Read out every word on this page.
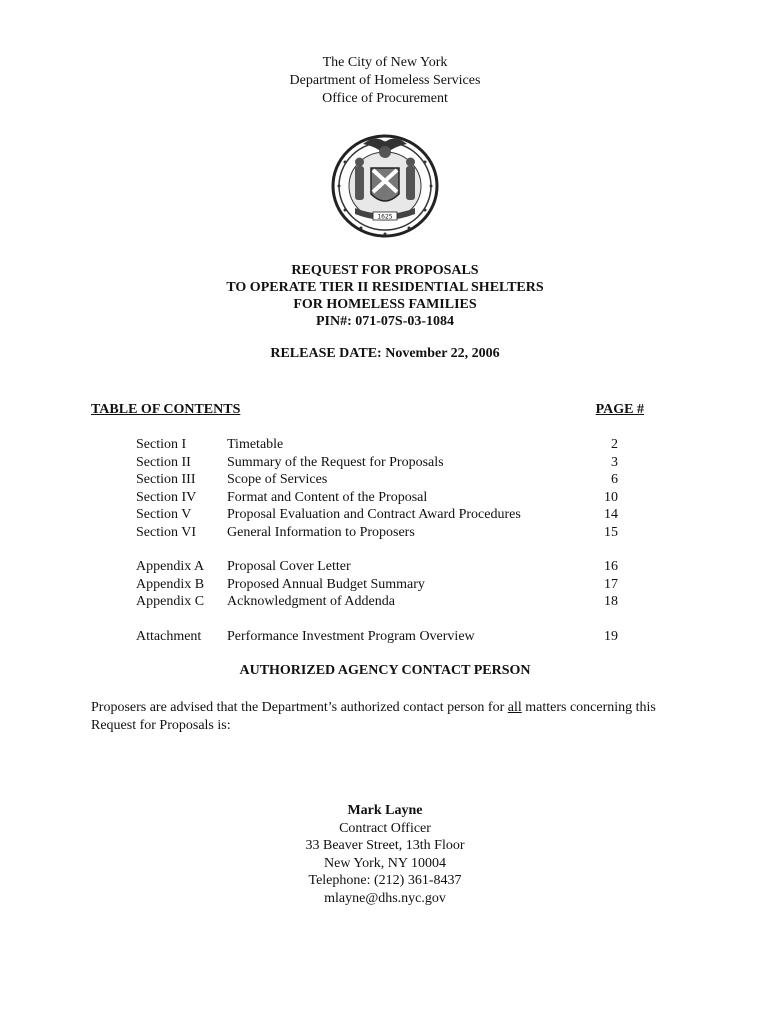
The City of New York
Department of Homeless Services
Office of Procurement
1625
REQUEST FOR PROPOSALS
TO OPERATE TIER II RESIDENTIAL SHELTERS
FOR HOMELESS FAMILIES
PIN#: 071-07S-03-1084
RELEASE DATE: November 22, 2006
TABLE OF CONTENTS	PAGE #
Section I	Timetable	2
Section II	Summary of the Request for Proposals	3
Section III Scope of Services	6
Section IV Format and Content of the Proposal	10
Section V	Proposal Evaluation and Contract Award Procedures	14
Section VI General Information to Proposers	15
Appendix A Proposal Cover Letter	16
Appendix B Proposed Annual Budget Summary	17
Appendix C Acknowledgment of Addenda	18
Attachment Performance Investment Program Overview	19
AUTHORIZED AGENCY CONTACT PERSON
Proposers are advised that the Department’s authorized contact person for all matters concerning this Request for Proposals is:
Mark Layne
Contract Officer
33 Beaver Street, 13th Floor
New York, NY 10004
Telephone: (212) 361-8437
mlayne@dhs.nyc.gov
